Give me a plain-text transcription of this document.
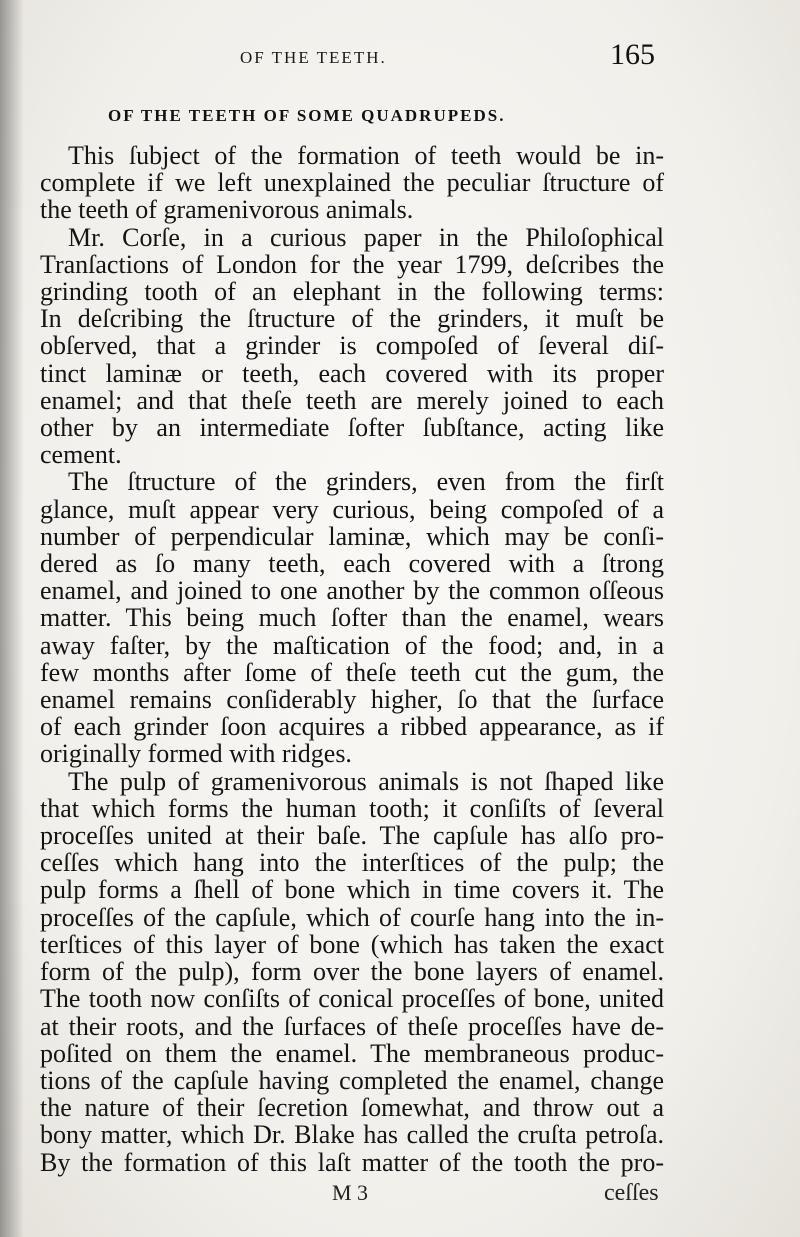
OF THE TEETH.	165
OF THE TEETH OF SOME QUADRUPEDS.
This ſubject of the formation of teeth would be in-
complete if we left unexplained the peculiar ſtructure of
the teeth of gramenivorous animals.
Mr. Corſe, in a curious paper in the Philoſophical
Tranſactions of London for the year 1799, deſcribes the
grinding tooth of an elephant in the following terms:
In deſcribing the ſtructure of the grinders, it muſt be
obſerved, that a grinder is compoſed of ſeveral diſ-
tinct laminæ or teeth, each covered with its proper
enamel; and that theſe teeth are merely joined to each
other by an intermediate ſofter ſubſtance, acting like
cement.
The ſtructure of the grinders, even from the firſt
glance, muſt appear very curious, being compoſed of a
number of perpendicular laminæ, which may be conſi-
dered as ſo many teeth, each covered with a ſtrong
enamel, and joined to one another by the common oſſeous
matter. This being much ſofter than the enamel, wears
away faſter, by the maſtication of the food; and, in a
few months after ſome of theſe teeth cut the gum, the
enamel remains conſiderably higher, ſo that the ſurface
of each grinder ſoon acquires a ribbed appearance, as if
originally formed with ridges.
The pulp of gramenivorous animals is not ſhaped like
that which forms the human tooth; it conſiſts of ſeveral
proceſſes united at their baſe. The capſule has alſo pro-
ceſſes which hang into the interſtices of the pulp; the
pulp forms a ſhell of bone which in time covers it. The
proceſſes of the capſule, which of courſe hang into the in-
terſtices of this layer of bone (which has taken the exact
form of the pulp), form over the bone layers of enamel.
The tooth now conſiſts of conical proceſſes of bone, united
at their roots, and the ſurfaces of theſe proceſſes have de-
poſited on them the enamel. The membraneous produc-
tions of the capſule having completed the enamel, change
the nature of their ſecretion ſomewhat, and throw out a
bony matter, which Dr. Blake has called the cruſta petroſa.
By the formation of this laſt matter of the tooth the pro-
M 3	ceſſes
